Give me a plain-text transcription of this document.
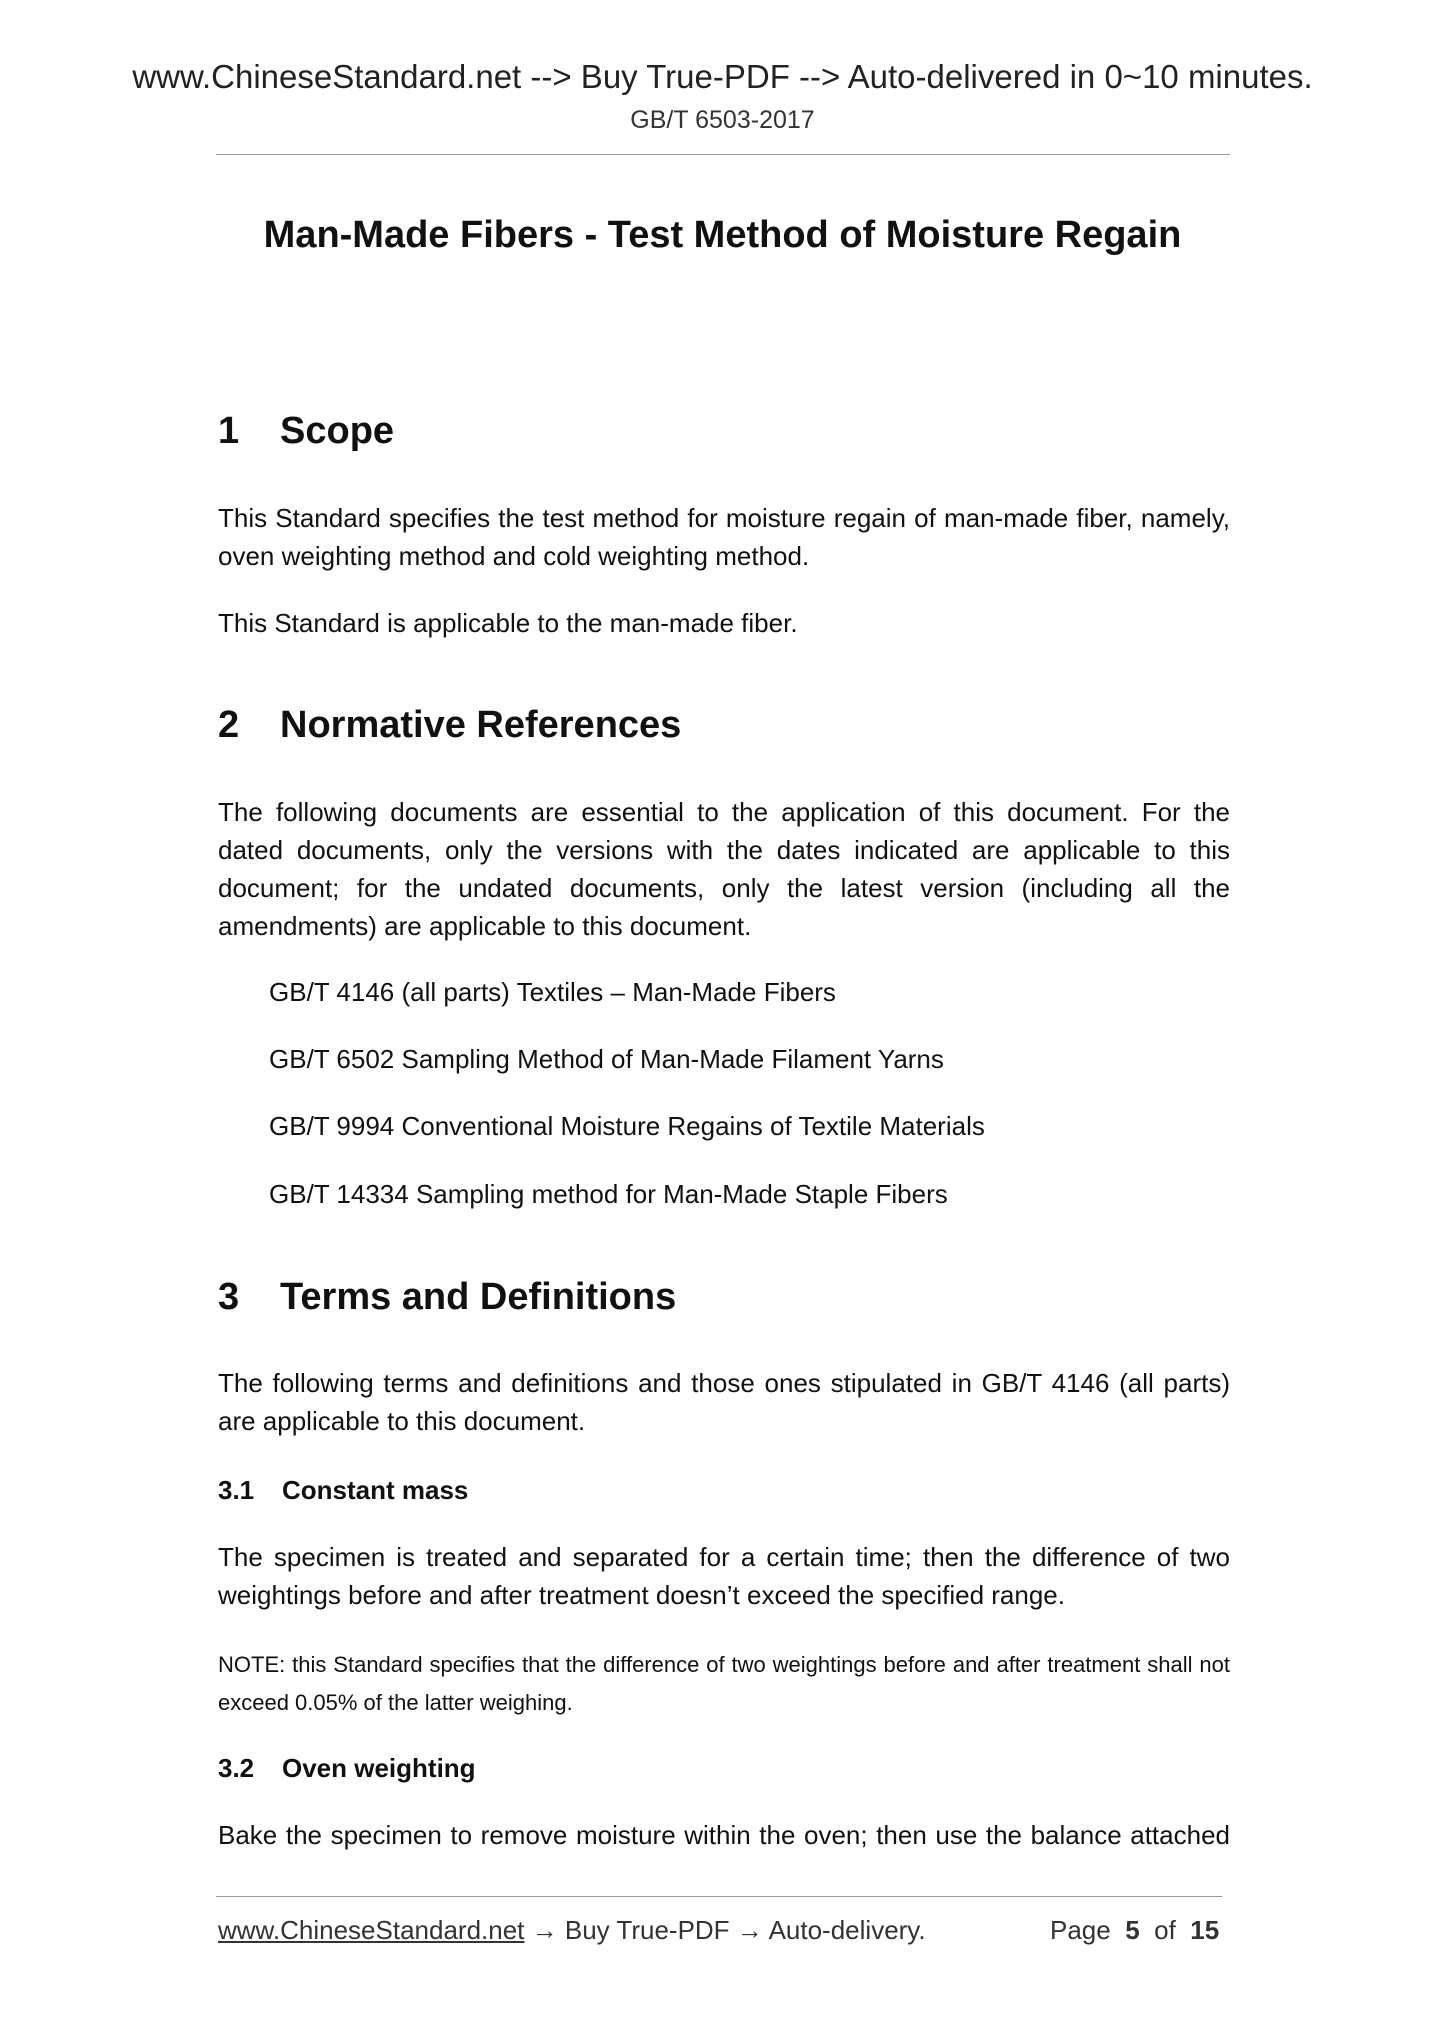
www.ChineseStandard.net --> Buy True-PDF --> Auto-delivered in 0~10 minutes.
GB/T 6503-2017
Man-Made Fibers - Test Method of Moisture Regain
1 Scope
This Standard specifies the test method for moisture regain of man-made fiber, namely, oven weighting method and cold weighting method.
This Standard is applicable to the man-made fiber.
2 Normative References
The following documents are essential to the application of this document. For the dated documents, only the versions with the dates indicated are applicable to this document; for the undated documents, only the latest version (including all the amendments) are applicable to this document.
GB/T 4146 (all parts) Textiles – Man-Made Fibers
GB/T 6502 Sampling Method of Man-Made Filament Yarns
GB/T 9994 Conventional Moisture Regains of Textile Materials
GB/T 14334 Sampling method for Man-Made Staple Fibers
3 Terms and Definitions
The following terms and definitions and those ones stipulated in GB/T 4146 (all parts) are applicable to this document.
3.1 Constant mass
The specimen is treated and separated for a certain time; then the difference of two weightings before and after treatment doesn’t exceed the specified range.
NOTE: this Standard specifies that the difference of two weightings before and after treatment shall not exceed 0.05% of the latter weighing.
3.2 Oven weighting
Bake the specimen to remove moisture within the oven; then use the balance attached
www.ChineseStandard.net → Buy True-PDF → Auto-delivery.	Page 5 of 15
